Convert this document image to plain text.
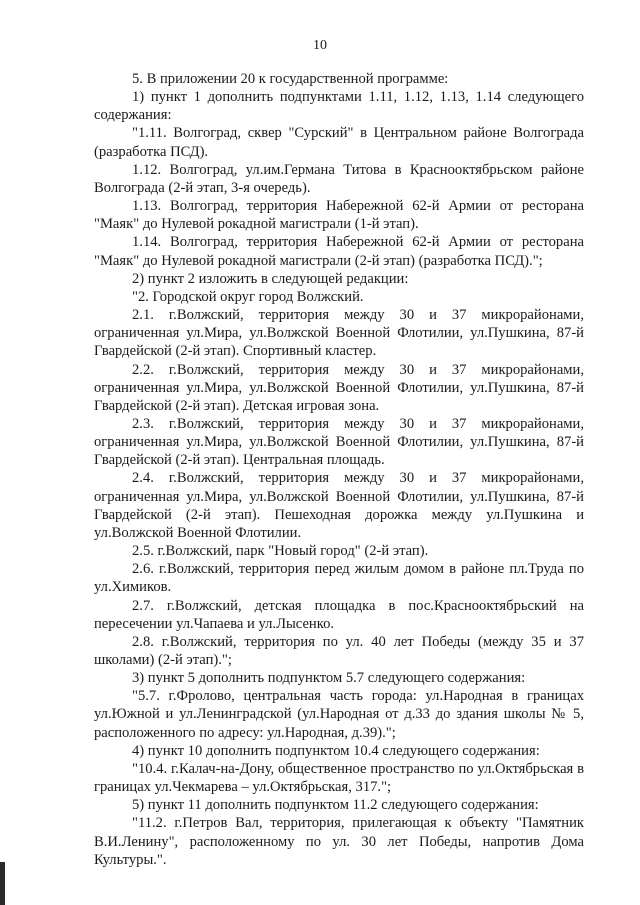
10

5. В приложении 20 к государственной программе:

1) пункт 1 дополнить подпунктами 1.11, 1.12, 1.13, 1.14 следующего содержания:

"1.11. Волгоград, сквер "Сурский" в Центральном районе Волгограда (разработка ПСД).

1.12. Волгоград, ул.им.Германа Титова в Краснооктябрьском районе Волгограда (2-й этап, 3-я очередь).

1.13. Волгоград, территория Набережной 62-й Армии от ресторана "Маяк" до Нулевой рокадной магистрали (1-й этап).

1.14. Волгоград, территория Набережной 62-й Армии от ресторана "Маяк" до Нулевой рокадной магистрали (2-й этап) (разработка ПСД).";

2) пункт 2 изложить в следующей редакции:

"2. Городской округ город Волжский.

2.1. г.Волжский, территория между 30 и 37 микрорайонами, ограниченная ул.Мира, ул.Волжской Военной Флотилии, ул.Пушкина, 87-й Гвардейской (2-й этап). Спортивный кластер.

2.2. г.Волжский, территория между 30 и 37 микрорайонами, ограниченная ул.Мира, ул.Волжской Военной Флотилии, ул.Пушкина, 87-й Гвардейской (2-й этап). Детская игровая зона.

2.3. г.Волжский, территория между 30 и 37 микрорайонами, ограниченная ул.Мира, ул.Волжской Военной Флотилии, ул.Пушкина, 87-й Гвардейской (2-й этап). Центральная площадь.

2.4. г.Волжский, территория между 30 и 37 микрорайонами, ограниченная ул.Мира, ул.Волжской Военной Флотилии, ул.Пушкина, 87-й Гвардейской (2-й этап). Пешеходная дорожка между ул.Пушкина и ул.Волжской Военной Флотилии.

2.5. г.Волжский, парк "Новый город" (2-й этап).

2.6. г.Волжский, территория перед жилым домом в районе пл.Труда по ул.Химиков.

2.7. г.Волжский, детская площадка в пос.Краснооктябрьский на пересечении ул.Чапаева и ул.Лысенко.

2.8. г.Волжский, территория по ул. 40 лет Победы (между 35 и 37 школами) (2-й этап).";

3) пункт 5 дополнить подпунктом 5.7 следующего содержания:

"5.7. г.Фролово, центральная часть города: ул.Народная в границах ул.Южной и ул.Ленинградской (ул.Народная от д.33 до здания школы № 5, расположенного по адресу: ул.Народная, д.39).";

4) пункт 10 дополнить подпунктом 10.4 следующего содержания:

"10.4. г.Калач-на-Дону, общественное пространство по ул.Октябрьская в границах ул.Чекмарева – ул.Октябрьская, 317.";

5) пункт 11 дополнить подпунктом 11.2 следующего содержания:

"11.2. г.Петров Вал, территория, прилегающая к объекту "Памятник В.И.Ленину", расположенному по ул. 30 лет Победы, напротив Дома Культуры.".
